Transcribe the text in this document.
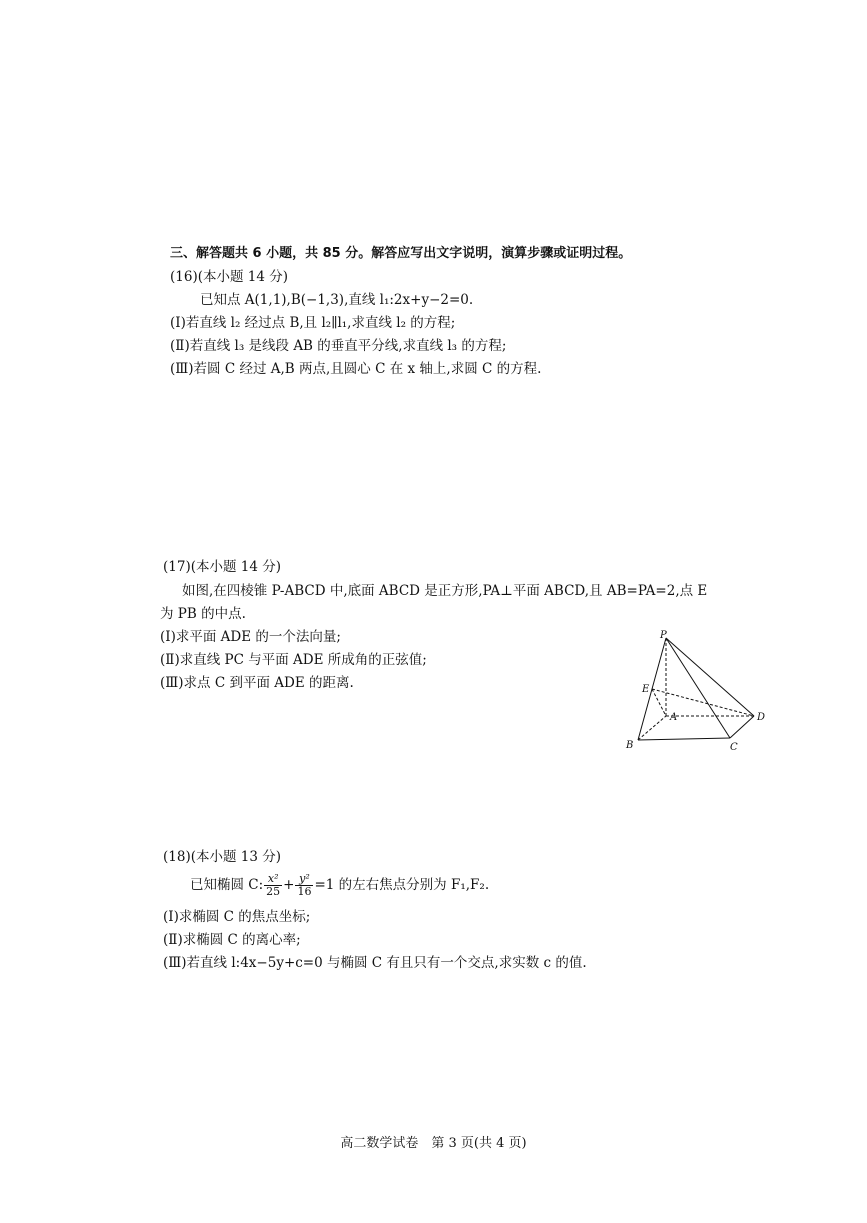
三、解答题共 6 小题，共 85 分。解答应写出文字说明，演算步骤或证明过程。
(16)(本小题 14 分)
已知点 A(1,1),B(−1,3),直线 l₁:2x+y−2=0.
(Ⅰ)若直线 l₂ 经过点 B,且 l₂∥l₁,求直线 l₂ 的方程;
(Ⅱ)若直线 l₃ 是线段 AB 的垂直平分线,求直线 l₃ 的方程;
(Ⅲ)若圆 C 经过 A,B 两点,且圆心 C 在 x 轴上,求圆 C 的方程.
(17)(本小题 14 分)
如图,在四棱锥 P-ABCD 中,底面 ABCD 是正方形,PA⊥平面 ABCD,且 AB=PA=2,点 E
为 PB 的中点.
(Ⅰ)求平面 ADE 的一个法向量;
(Ⅱ)求直线 PC 与平面 ADE 所成角的正弦值;
(Ⅲ)求点 C 到平面 ADE 的距离.
P
E
A
B	C
D
(18)(本小题 13 分)
已知椭圆 C: $\frac{\text{x²}}{25} + \frac{\text{y²}}{16} =1$ 的左右焦点分别为 F₁,F₂.
(Ⅰ)求椭圆 C 的焦点坐标;
(Ⅱ)求椭圆 C 的离心率;
(Ⅲ)若直线 l:4x−5y+c=0 与椭圆 C 有且只有一个交点,求实数 c 的值.
高二数学试卷　第 3 页(共 4 页)
